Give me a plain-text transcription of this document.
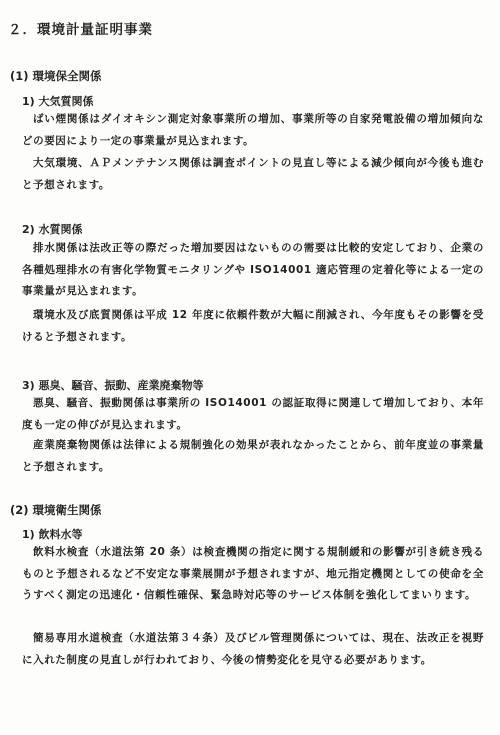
２．環境計量証明事業
(1) 環境保全関係
1) 大気質関係
ばい煙関係はダイオキシン測定対象事業所の増加、事業所等の自家発電設備の増加傾向などの要因により一定の事業量が見込まれます。
大気環境、ＡＰメンテナンス関係は調査ポイントの見直し等による減少傾向が今後も進むと予想されます。
2) 水質関係
排水関係は法改正等の際だった増加要因はないものの需要は比較的安定しており、企業の各種処理排水の有害化学物質モニタリングや ISO14001 適応管理の定着化等による一定の事業量が見込まれます。
環境水及び底質関係は平成 12 年度に依頼件数が大幅に削減され、今年度もその影響を受けると予想されます。
3) 悪臭、騒音、振動、産業廃棄物等
悪臭、騒音、振動関係は事業所の ISO14001 の認証取得に関連して増加しており、本年度も一定の伸びが見込まれます。
産業廃棄物関係は法律による規制強化の効果が表れなかったことから、前年度並の事業量と予想されます。
(2) 環境衛生関係
1) 飲料水等
飲料水検査（水道法第 20 条）は検査機関の指定に関する規制緩和の影響が引き続き残るものと予想されるなど不安定な事業展開が予想されますが、地元指定機関としての使命を全うすべく測定の迅速化・信頼性確保、緊急時対応等のサービス体制を強化してまいります。
簡易専用水道検査（水道法第３４条）及びビル管理関係については、現在、法改正を視野に入れた制度の見直しが行われており、今後の情勢変化を見守る必要があります。
